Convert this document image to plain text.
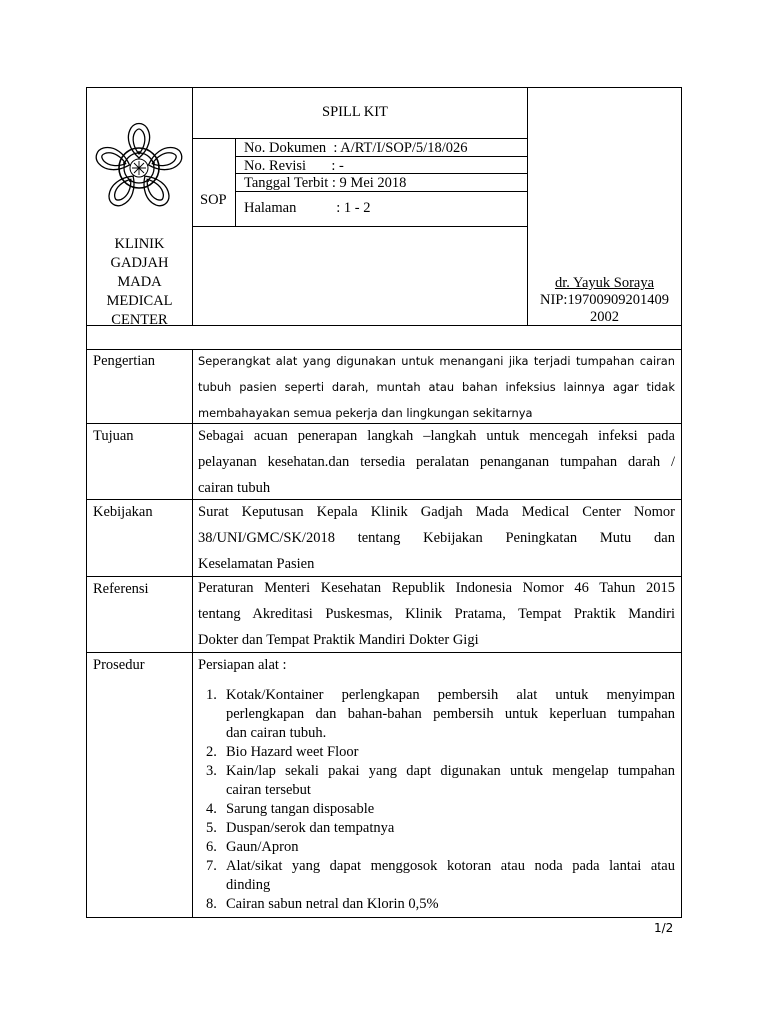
SPILL KIT
SOP
No. Dokumen  : A/RT/I/SOP/5/18/026
No. Revisi       : -
Tanggal Terbit : 9 Mei 2018
Halaman           : 1 - 2
KLINIK
GADJAH
MADA
MEDICAL
CENTER
dr. Yayuk Soraya
NIP:19700909201409
2002
Pengertian
Tujuan
Kebijakan
Referensi
Prosedur
Seperangkat alat yang digunakan untuk menangani jika terjadi tumpahan cairan
tubuh pasien seperti darah, muntah atau bahan infeksius lainnya agar tidak
membahayakan semua pekerja dan lingkungan sekitarnya
Sebagai acuan penerapan langkah –langkah untuk mencegah infeksi pada
pelayanan kesehatan.dan tersedia peralatan penanganan tumpahan darah /
cairan tubuh
Surat Keputusan Kepala Klinik Gadjah Mada Medical Center Nomor
38/UNI/GMC/SK/2018 tentang Kebijakan Peningkatan Mutu dan
Keselamatan Pasien
Peraturan Menteri Kesehatan Republik Indonesia Nomor 46 Tahun 2015
tentang Akreditasi Puskesmas, Klinik Pratama, Tempat Praktik Mandiri
Dokter dan Tempat Praktik Mandiri Dokter Gigi
Persiapan alat :
1. Kotak/Kontainer perlengkapan pembersih alat untuk menyimpan
perlengkapan dan bahan-bahan pembersih untuk keperluan tumpahan
dan cairan tubuh.
2. Bio Hazard weet Floor
3. Kain/lap sekali pakai yang dapt digunakan untuk mengelap tumpahan
cairan tersebut
4. Sarung tangan disposable
5. Duspan/serok dan tempatnya
6. Gaun/Apron
7. Alat/sikat yang dapat menggosok kotoran atau noda pada lantai atau
dinding
8. Cairan sabun netral dan Klorin 0,5%
1/2
